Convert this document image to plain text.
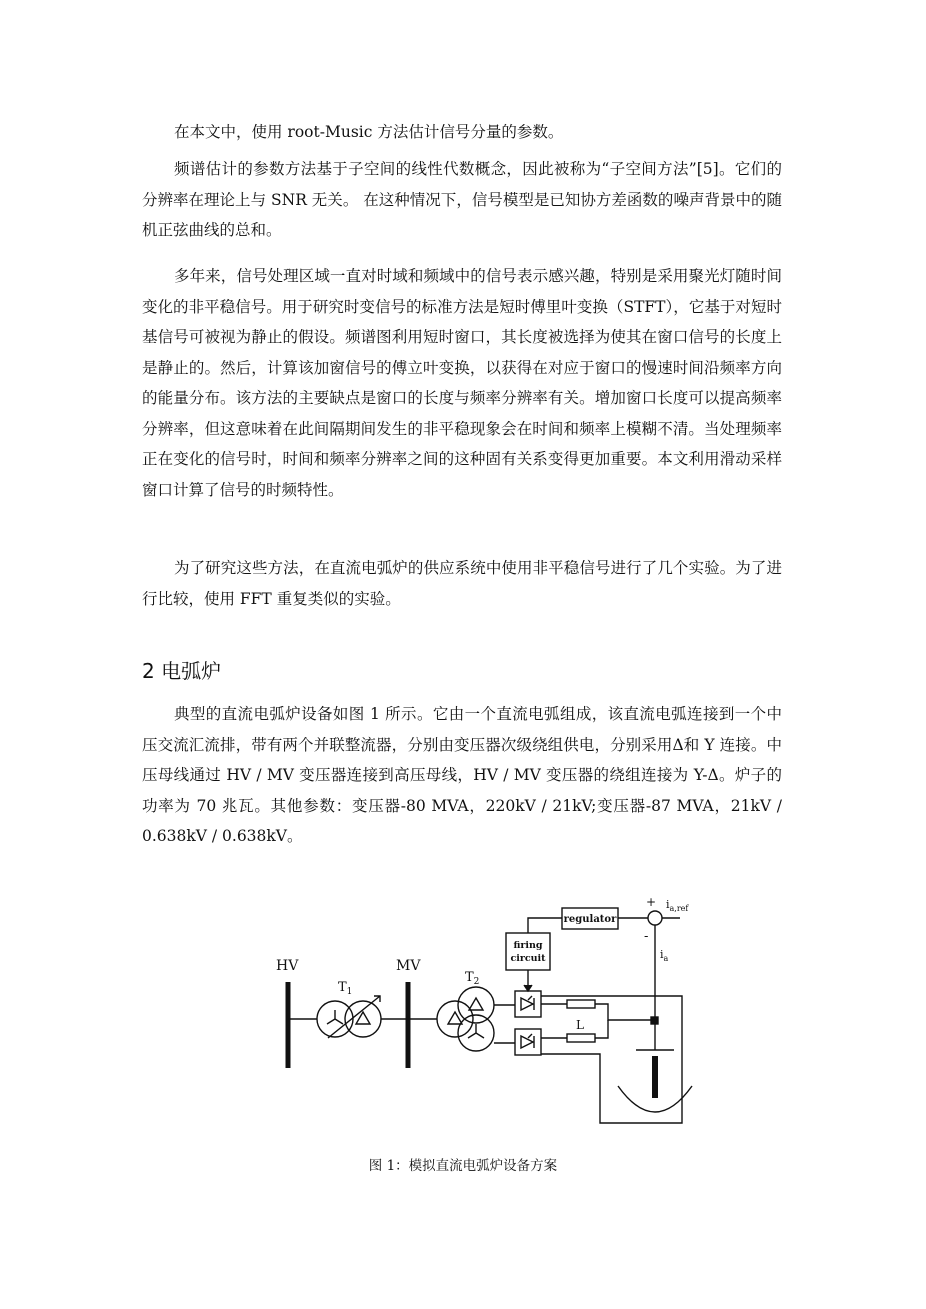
在本文中，使用 root-Music 方法估计信号分量的参数。

频谱估计的参数方法基于子空间的线性代数概念，因此被称为“子空间方法”[5]。它们的分辨率在理论上与 SNR 无关。 在这种情况下，信号模型是已知协方差函数的噪声背景中的随机正弦曲线的总和。

多年来，信号处理区域一直对时域和频域中的信号表示感兴趣，特别是采用聚光灯随时间变化的非平稳信号。用于研究时变信号的标准方法是短时傅里叶变换（STFT），它基于对短时基信号可被视为静止的假设。频谱图利用短时窗口，其长度被选择为使其在窗口信号的长度上是静止的。然后，计算该加窗信号的傅立叶变换，以获得在对应于窗口的慢速时间沿频率方向的能量分布。该方法的主要缺点是窗口的长度与频率分辨率有关。增加窗口长度可以提高频率分辨率，但这意味着在此间隔期间发生的非平稳现象会在时间和频率上模糊不清。当处理频率正在变化的信号时，时间和频率分辨率之间的这种固有关系变得更加重要。本文利用滑动采样窗口计算了信号的时频特性。

为了研究这些方法，在直流电弧炉的供应系统中使用非平稳信号进行了几个实验。为了进行比较，使用 FFT 重复类似的实验。

2 电弧炉

典型的直流电弧炉设备如图 1 所示。它由一个直流电弧组成，该直流电弧连接到一个中压交流汇流排，带有两个并联整流器，分别由变压器次级绕组供电，分别采用Δ和 Y 连接。中压母线通过 HV / MV 变压器连接到高压母线，HV / MV 变压器的绕组连接为 Y-Δ。炉子的功率为 70 兆瓦。其他参数：变压器-80 MVA，220kV / 21kV;变压器-87 MVA，21kV / 0.638kV / 0.638kV。

HV	MV
$T_1$
$T_2$
firing
circuit
regulator
+
-
$i_{a,ref}$
$i_a$
L
图 1：模拟直流电弧炉设备方案
